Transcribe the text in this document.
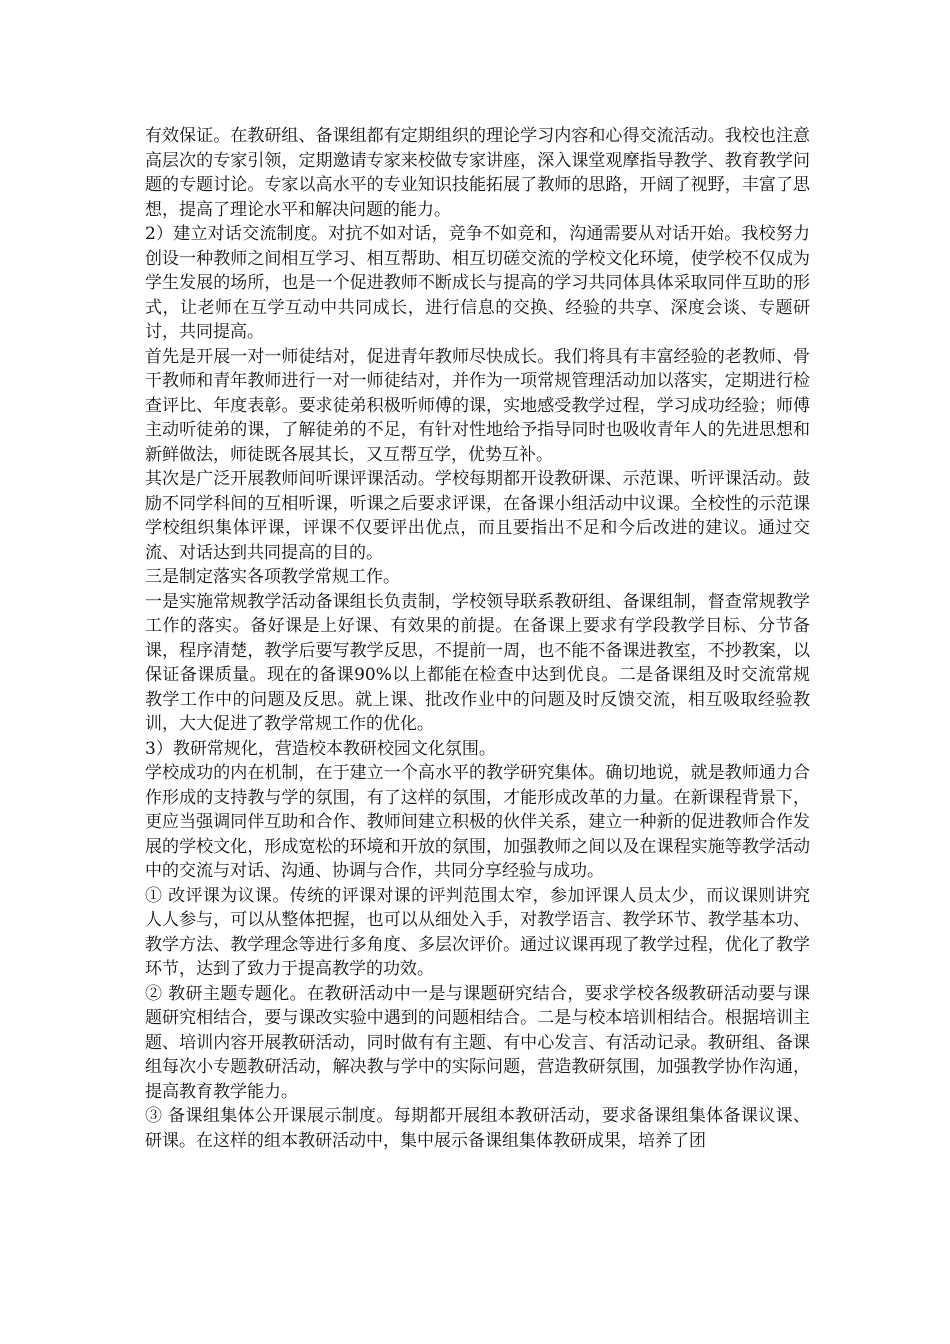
有效保证。在教研组、备课组都有定期组织的理论学习内容和心得交流活动。我校也注意高层次的专家引领，定期邀请专家来校做专家讲座，深入课堂观摩指导教学、教育教学问题的专题讨论。专家以高水平的专业知识技能拓展了教师的思路，开阔了视野，丰富了思想，提高了理论水平和解决问题的能力。

2）建立对话交流制度。对抗不如对话，竞争不如竞和，沟通需要从对话开始。我校努力创设一种教师之间相互学习、相互帮助、相互切磋交流的学校文化环境，使学校不仅成为学生发展的场所，也是一个促进教师不断成长与提高的学习共同体具体采取同伴互助的形式，让老师在互学互动中共同成长，进行信息的交换、经验的共享、深度会谈、专题研讨，共同提高。

首先是开展一对一师徒结对，促进青年教师尽快成长。我们将具有丰富经验的老教师、骨干教师和青年教师进行一对一师徒结对，并作为一项常规管理活动加以落实，定期进行检查评比、年度表彰。要求徒弟积极听师傅的课，实地感受教学过程，学习成功经验；师傅主动听徒弟的课，了解徒弟的不足，有针对性地给予指导同时也吸收青年人的先进思想和新鲜做法，师徒既各展其长，又互帮互学，优势互补。

其次是广泛开展教师间听课评课活动。学校每期都开设教研课、示范课、听评课活动。鼓励不同学科间的互相听课，听课之后要求评课，在备课小组活动中议课。全校性的示范课学校组织集体评课，评课不仅要评出优点，而且要指出不足和今后改进的建议。通过交流、对话达到共同提高的目的。

三是制定落实各项教学常规工作。

一是实施常规教学活动备课组长负责制，学校领导联系教研组、备课组制，督查常规教学工作的落实。备好课是上好课、有效果的前提。在备课上要求有学段教学目标、分节备课，程序清楚，教学后要写教学反思，不提前一周，也不能不备课进教室，不抄教案，以保证备课质量。现在的备课90%以上都能在检查中达到优良。二是备课组及时交流常规教学工作中的问题及反思。就上课、批改作业中的问题及时反馈交流，相互吸取经验教训，大大促进了教学常规工作的优化。

3）教研常规化，营造校本教研校园文化氛围。

学校成功的内在机制，在于建立一个高水平的教学研究集体。确切地说，就是教师通力合作形成的支持教与学的氛围，有了这样的氛围，才能形成改革的力量。在新课程背景下，更应当强调同伴互助和合作、教师间建立积极的伙伴关系，建立一种新的促进教师合作发展的学校文化，形成宽松的环境和开放的氛围，加强教师之间以及在课程实施等教学活动中的交流与对话、沟通、协调与合作，共同分享经验与成功。

① 改评课为议课。传统的评课对课的评判范围太窄，参加评课人员太少，而议课则讲究人人参与，可以从整体把握，也可以从细处入手，对教学语言、教学环节、教学基本功、教学方法、教学理念等进行多角度、多层次评价。通过议课再现了教学过程，优化了教学环节，达到了致力于提高教学的功效。

② 教研主题专题化。在教研活动中一是与课题研究结合，要求学校各级教研活动要与课题研究相结合，要与课改实验中遇到的问题相结合。二是与校本培训相结合。根据培训主题、培训内容开展教研活动，同时做有有主题、有中心发言、有活动记录。教研组、备课组每次小专题教研活动，解决教与学中的实际问题，营造教研氛围，加强教学协作沟通，提高教育教学能力。

③ 备课组集体公开课展示制度。每期都开展组本教研活动，要求备课组集体备课议课、研课。在这样的组本教研活动中，集中展示备课组集体教研成果，培养了团
